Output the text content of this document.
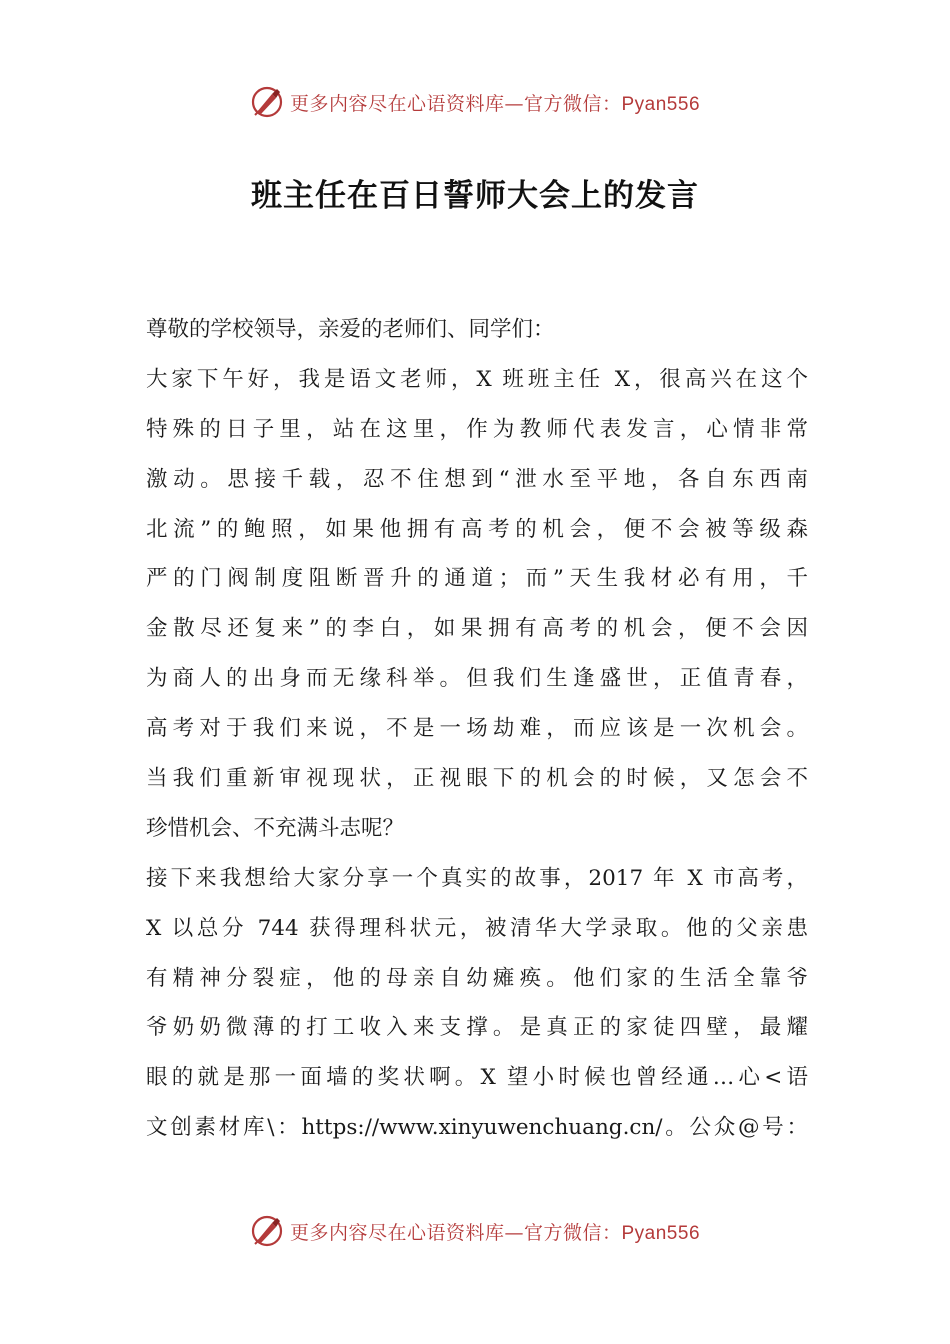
更多内容尽在心语资料库—官方微信：Pyan556
班主任在百日誓师大会上的发言
尊敬的学校领导，亲爱的老师们、同学们：
大家下午好，我是语文老师，X 班班主任 X，很高兴在这个
特殊的日子里，站在这里，作为教师代表发言，心情非常
激动。思接千载，忍不住想到“泄水至平地，各自东西南
北流”的鲍照，如果他拥有高考的机会，便不会被等级森
严的门阀制度阻断晋升的通道；而”天生我材必有用，千
金散尽还复来”的李白，如果拥有高考的机会，便不会因
为商人的出身而无缘科举。但我们生逢盛世，正值青春，
高考对于我们来说，不是一场劫难，而应该是一次机会。
当我们重新审视现状，正视眼下的机会的时候，又怎会不
珍惜机会、不充满斗志呢？
接下来我想给大家分享一个真实的故事，2017 年 X 市高考，
X 以总分 744 获得理科状元，被清华大学录取。他的父亲患
有精神分裂症，他的母亲自幼瘫痪。他们家的生活全靠爷
爷奶奶微薄的打工收入来支撑。是真正的家徒四壁，最耀
眼的就是那一面墙的奖状啊。X 望小时候也曾经通…心<语
文创素材库\：https://www.xinyuwenchuang.cn/。公众@号：
更多内容尽在心语资料库—官方微信：Pyan556
